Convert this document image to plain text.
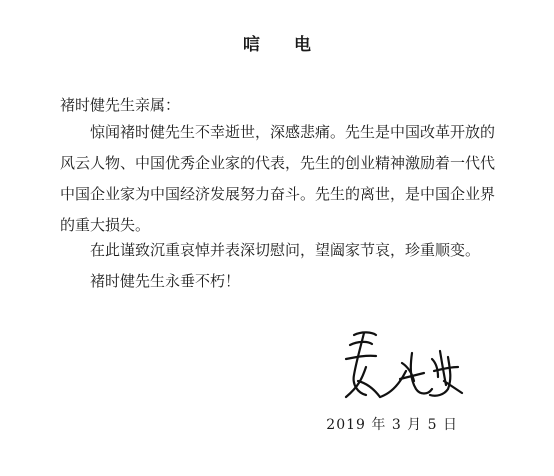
唁 电
褚时健先生亲属：
惊闻褚时健先生不幸逝世，深感悲痛。先生是中国改革开放的风云人物、中国优秀企业家的代表，先生的创业精神激励着一代代中国企业家为中国经济发展努力奋斗。先生的离世，是中国企业界的重大损失。
在此谨致沉重哀悼并表深切慰问，望阖家节哀，珍重顺变。
褚时健先生永垂不朽！
2019 年 3 月 5 日
